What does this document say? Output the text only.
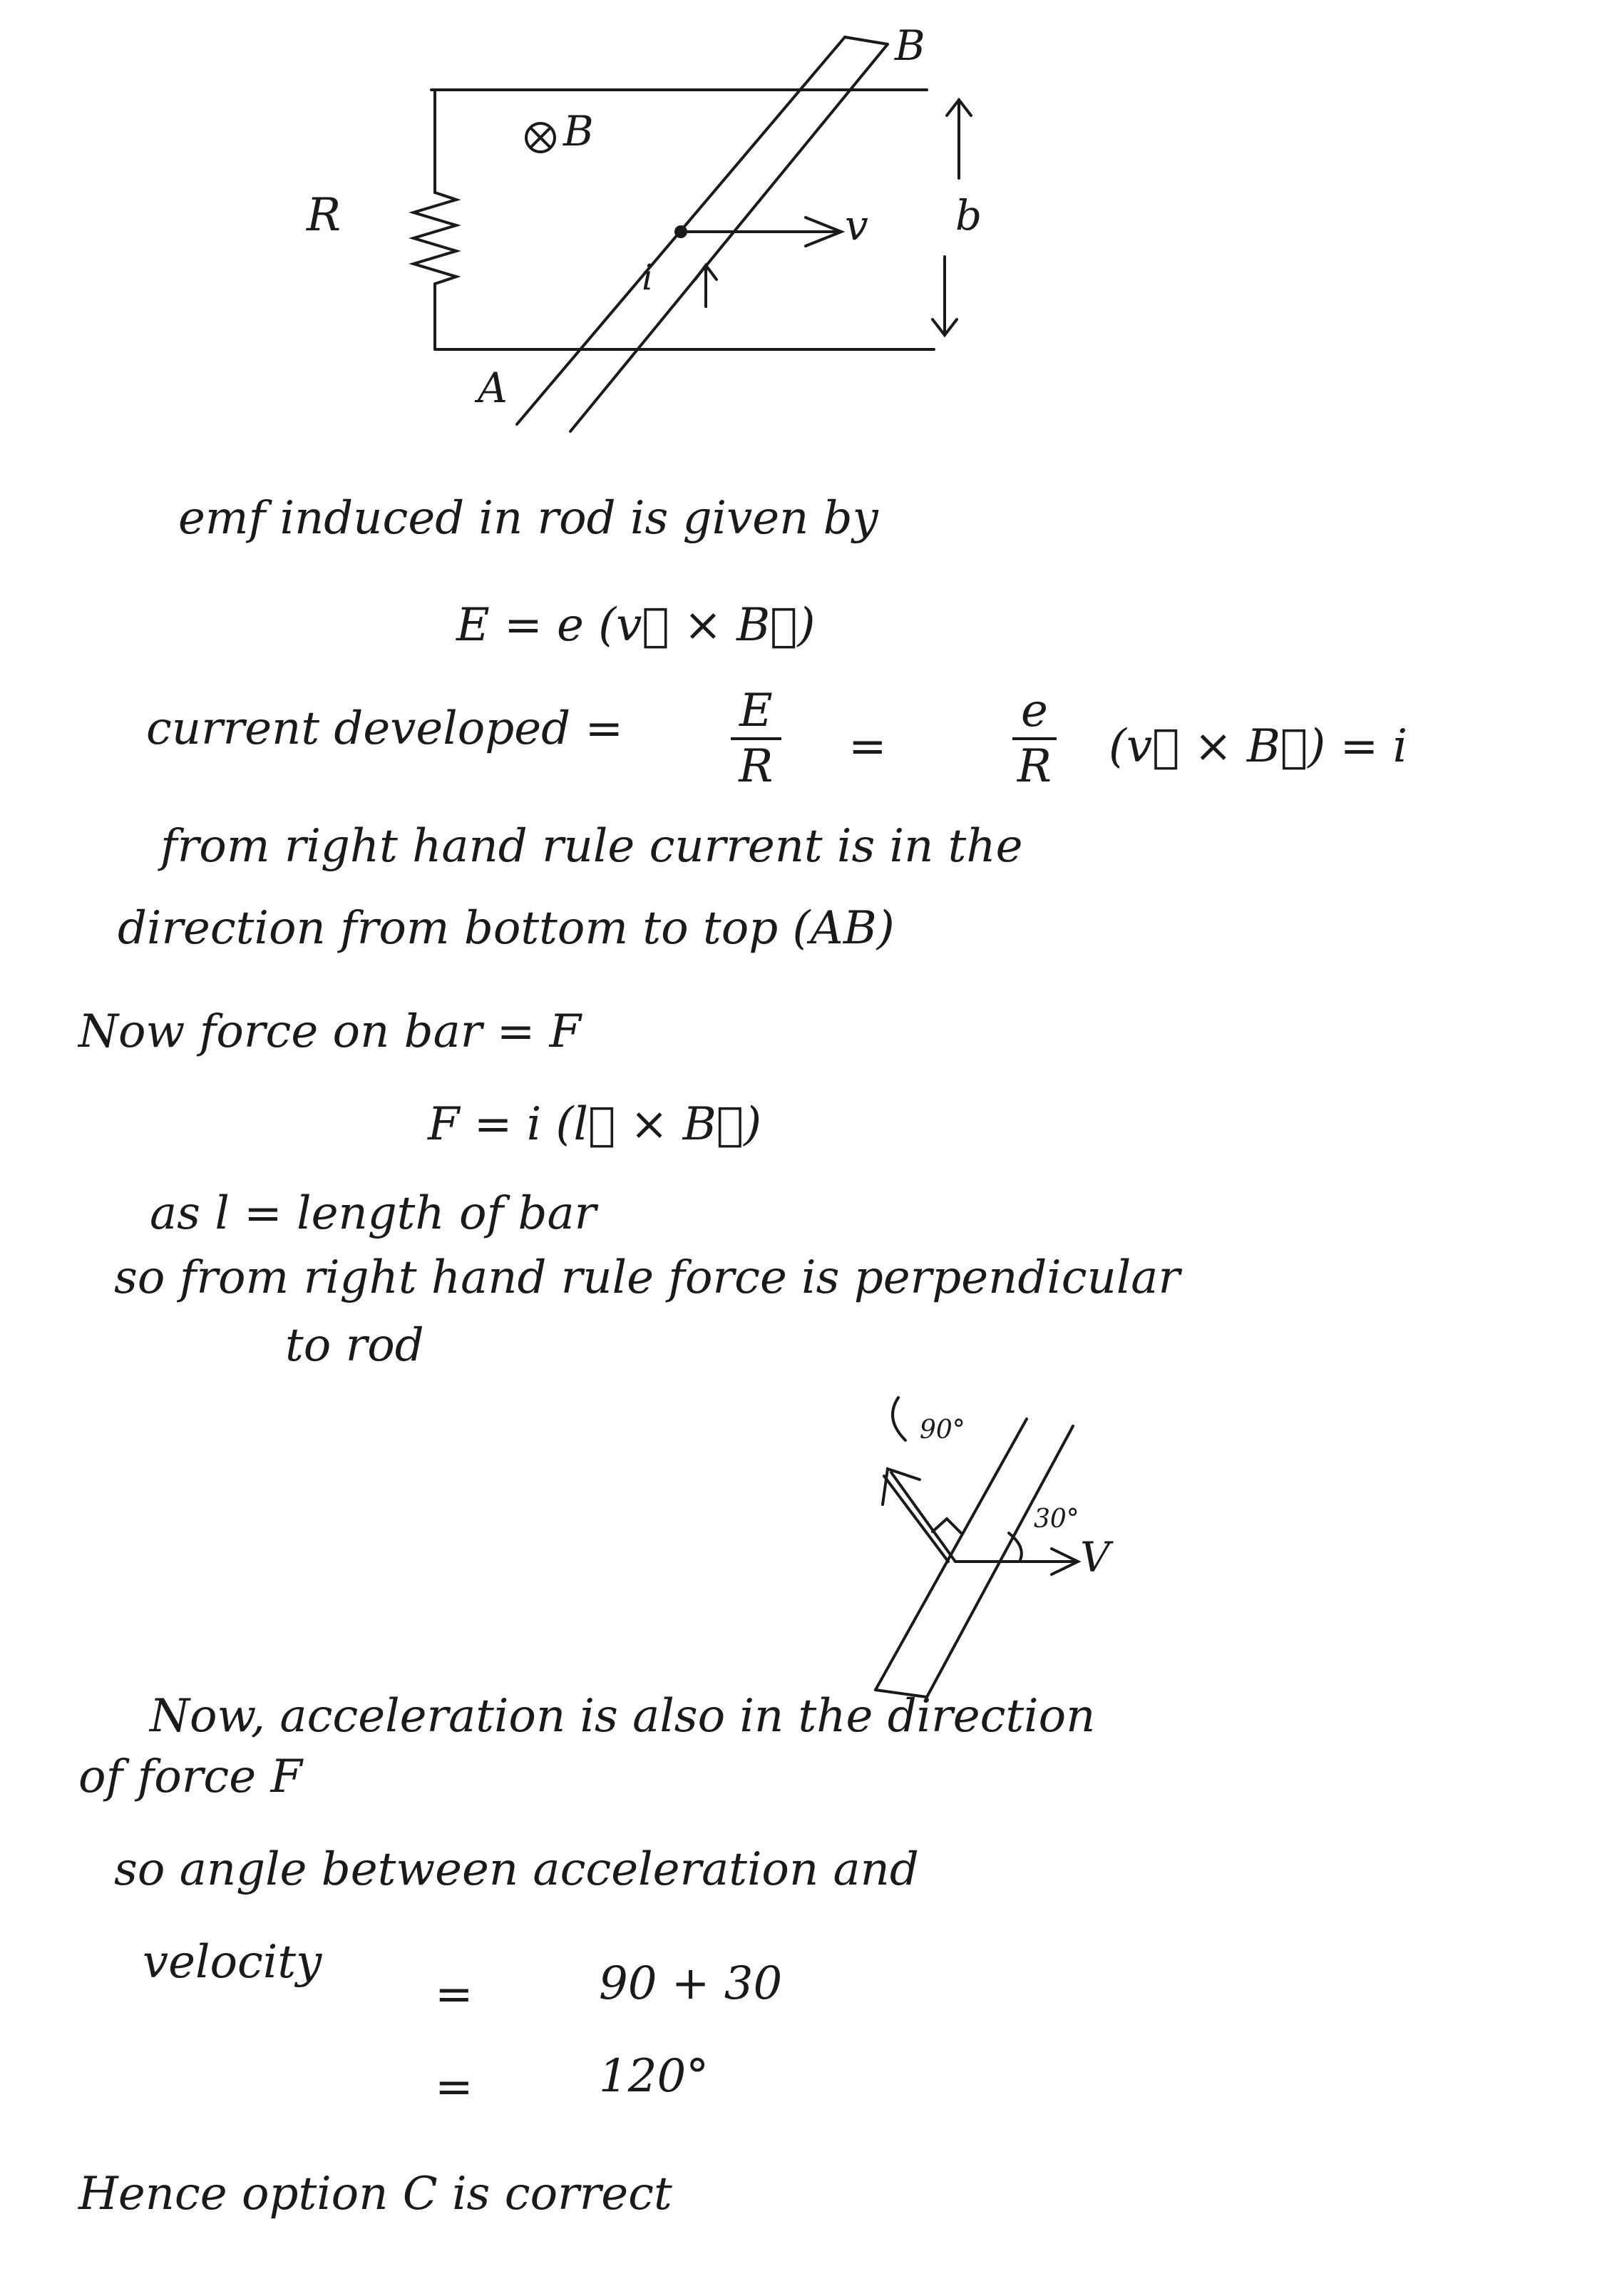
B
B
R	b
v
i
A
emf induced in rod is given by
E = e (v⃗ × B⃗)
current developed = $\frac{E}{R}$ =	$\frac{e}{R}$ (v⃗ × B⃗) = i
from right hand rule current is in the
direction from bottom to top (AB)
Now force on bar = F
F = i (l⃗ × B⃗)
as l = length of bar
so from right hand rule force is perpendicular
to rod
90°
30°
V
Now, acceleration is also in the direction
of force F
so angle between acceleration and
velocity
=	90 + 30
=	120°
Hence option C is correct
